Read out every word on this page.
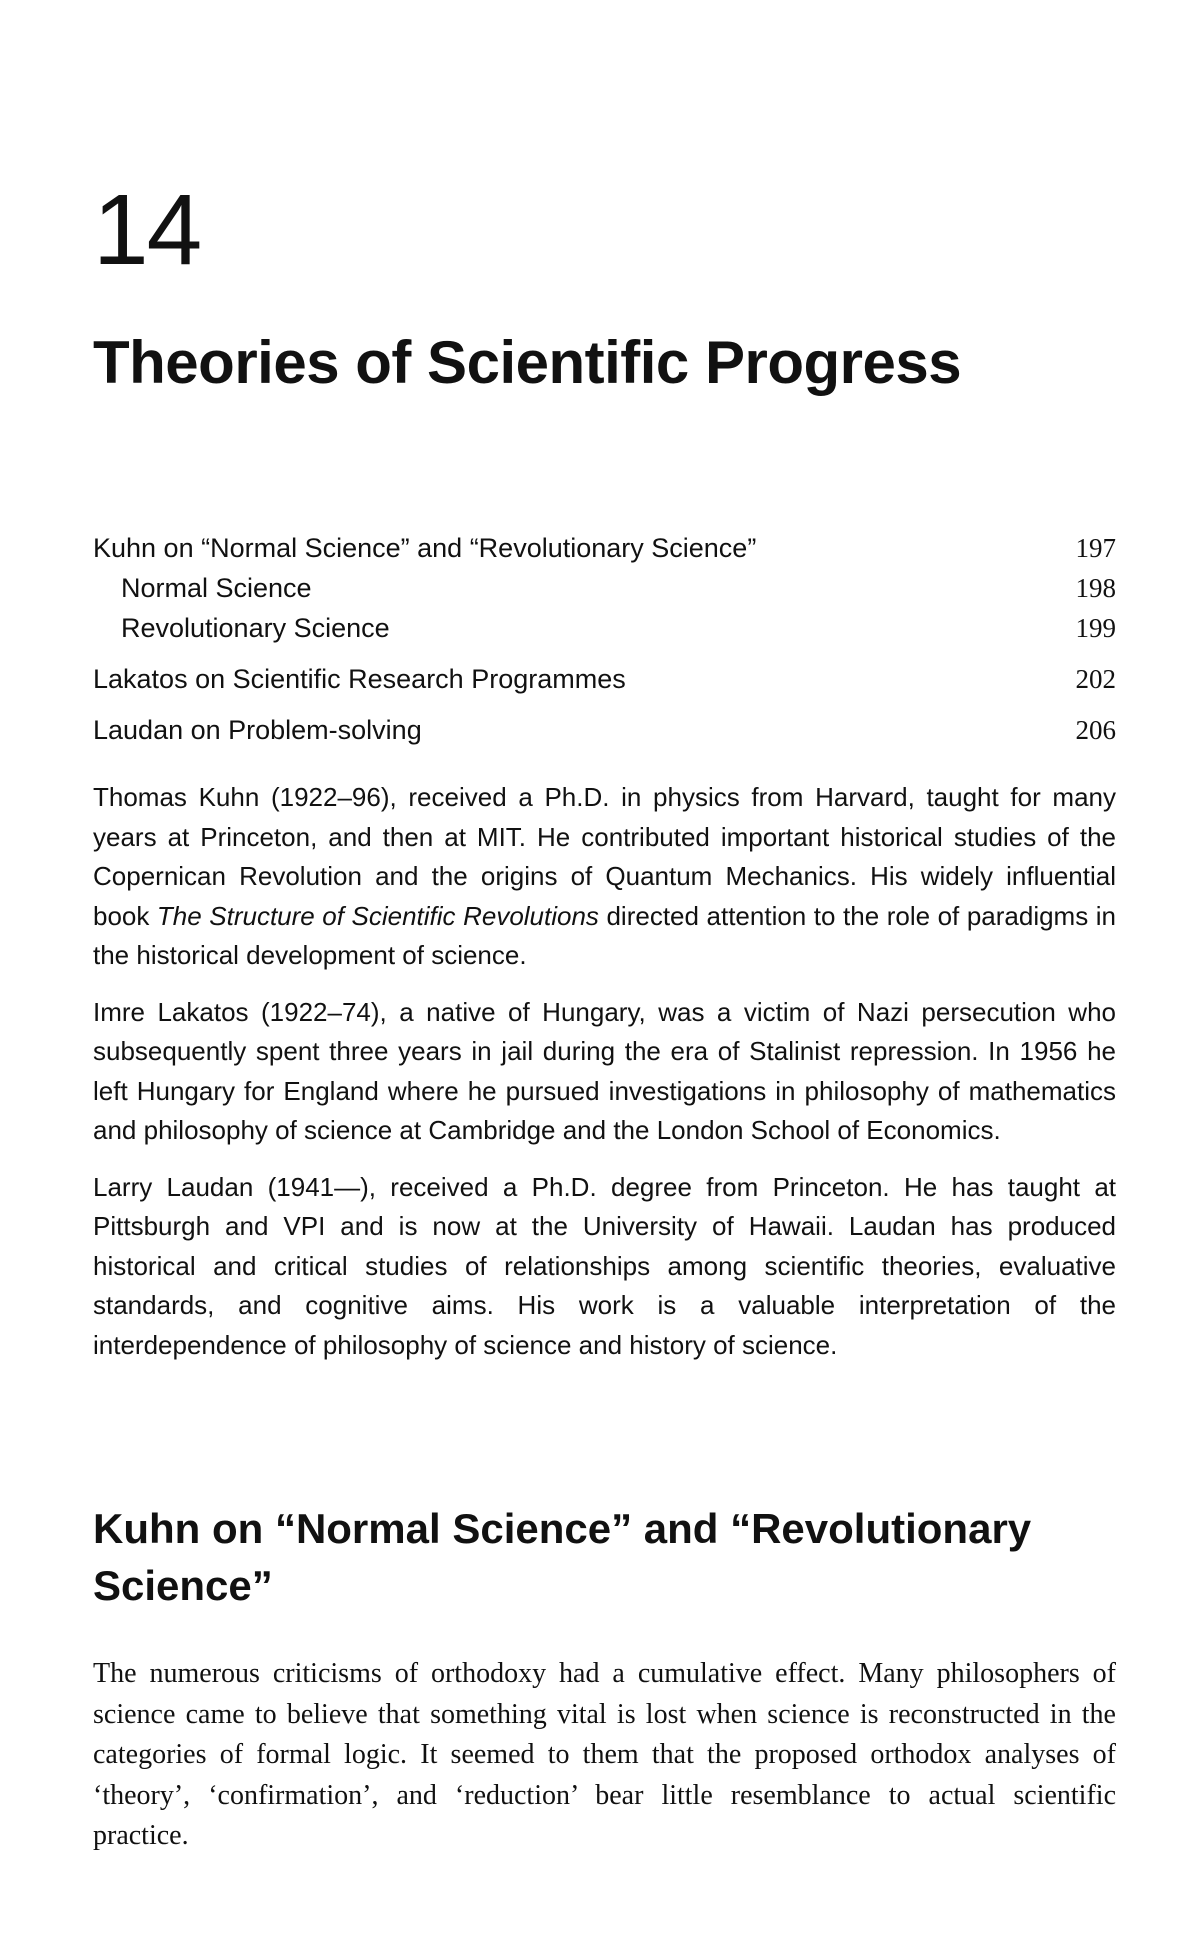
14
Theories of Scientific Progress
Kuhn on “Normal Science” and “Revolutionary Science”	197
Normal Science	198
Revolutionary Science	199
Lakatos on Scientific Research Programmes	202
Laudan on Problem-solving	206

Thomas Kuhn (1922–96), received a Ph.D. in physics from Harvard, taught for many years at Princeton, and then at MIT. He contributed important historical studies of the Copernican Revolution and the origins of Quantum Mechanics. His widely influential book The Structure of Scientific Revolutions directed attention to the role of paradigms in the historical development of science.

Imre Lakatos (1922–74), a native of Hungary, was a victim of Nazi persecution who subsequently spent three years in jail during the era of Stalinist repression. In 1956 he left Hungary for England where he pursued investigations in philosophy of mathematics and philosophy of science at Cambridge and the London School of Economics.

Larry Laudan (1941—), received a Ph.D. degree from Princeton. He has taught at Pittsburgh and VPI and is now at the University of Hawaii. Laudan has produced historical and critical studies of relationships among scientific theories, evaluative standards, and cognitive aims. His work is a valuable interpretation of the interdependence of philosophy of science and history of science.

Kuhn on “Normal Science” and “Revolutionary Science”

The numerous criticisms of orthodoxy had a cumulative effect. Many philosophers of science came to believe that something vital is lost when science is reconstructed in the categories of formal logic. It seemed to them that the proposed orthodox analyses of ‘theory’, ‘confirmation’, and ‘reduction’ bear little resemblance to actual scientific practice.
